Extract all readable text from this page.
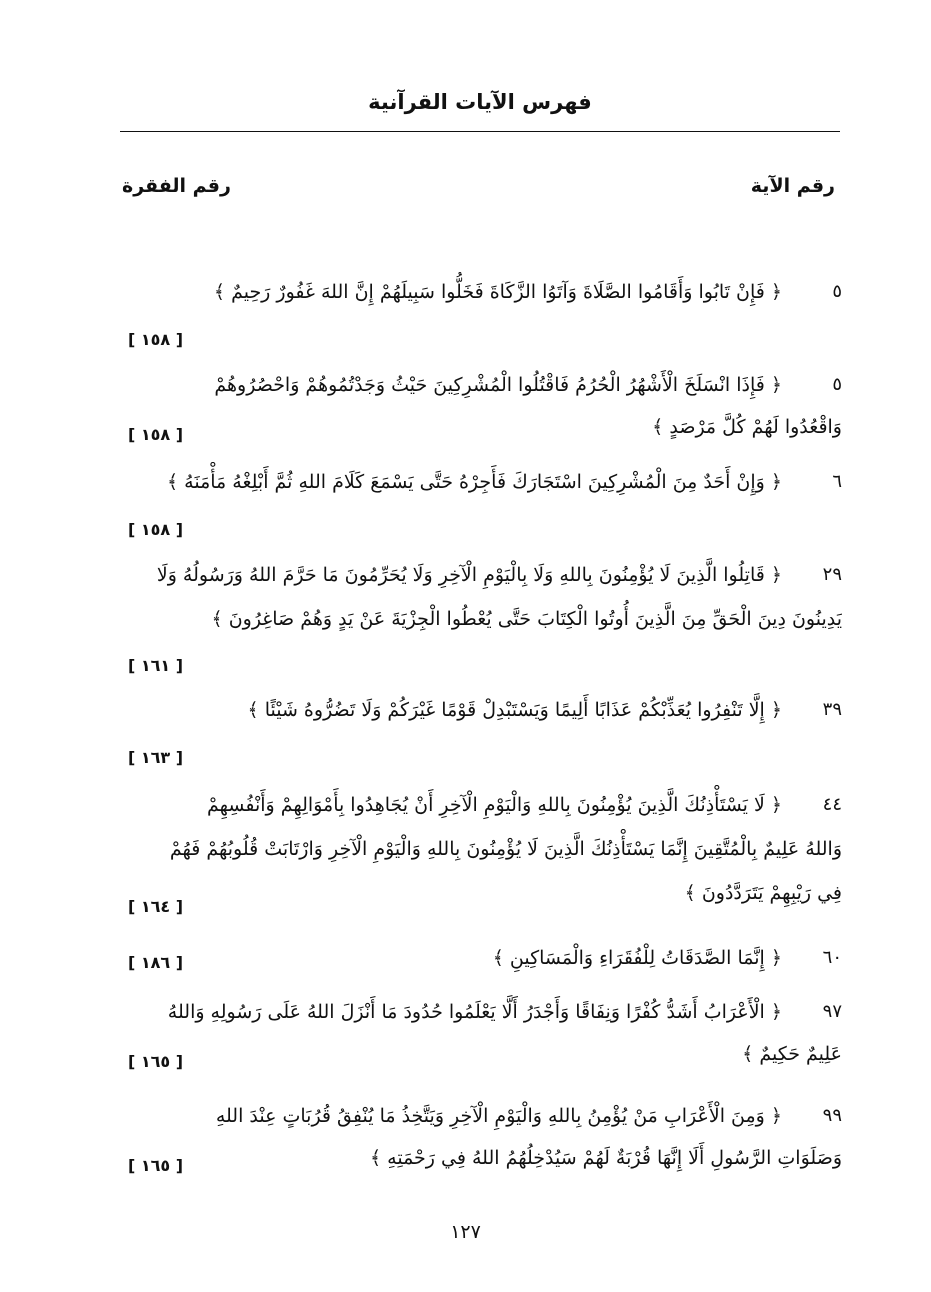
فهرس الآيات القرآنية
رقم الآية
رقم الفقرة
٥
﴿ فَإِنْ تَابُوا وَأَقَامُوا الصَّلَاةَ وَآتَوُا الزَّكَاةَ فَخَلُّوا سَبِيلَهُمْ إِنَّ اللهَ غَفُورٌ رَحِيمٌ ﴾
[ ١٥٨ ]
٥
﴿ فَإِذَا انْسَلَخَ الْأَشْهُرُ الْحُرُمُ فَاقْتُلُوا الْمُشْرِكِينَ حَيْثُ وَجَدْتُمُوهُمْ وَاحْصُرُوهُمْ
وَاقْعُدُوا لَهُمْ كُلَّ مَرْصَدٍ ﴾
[ ١٥٨ ]
٦
﴿ وَإِنْ أَحَدٌ مِنَ الْمُشْرِكِينَ اسْتَجَارَكَ فَأَجِرْهُ حَتَّى يَسْمَعَ كَلَامَ اللهِ ثُمَّ أَبْلِغْهُ مَأْمَنَهُ ﴾
[ ١٥٨ ]
٢٩
﴿ قَاتِلُوا الَّذِينَ لَا يُؤْمِنُونَ بِاللهِ وَلَا بِالْيَوْمِ الْآخِرِ وَلَا يُحَرِّمُونَ مَا حَرَّمَ اللهُ وَرَسُولُهُ وَلَا
يَدِينُونَ دِينَ الْحَقِّ مِنَ الَّذِينَ أُوتُوا الْكِتَابَ حَتَّى يُعْطُوا الْجِزْيَةَ عَنْ يَدٍ وَهُمْ صَاغِرُونَ ﴾
[ ١٦١ ]
٣٩
﴿ إِلَّا تَنْفِرُوا يُعَذِّبْكُمْ عَذَابًا أَلِيمًا وَيَسْتَبْدِلْ قَوْمًا غَيْرَكُمْ وَلَا تَضُرُّوهُ شَيْئًا ﴾
[ ١٦٣ ]
٤٤
﴿ لَا يَسْتَأْذِنُكَ الَّذِينَ يُؤْمِنُونَ بِاللهِ وَالْيَوْمِ الْآخِرِ أَنْ يُجَاهِدُوا بِأَمْوَالِهِمْ وَأَنْفُسِهِمْ
وَاللهُ عَلِيمٌ بِالْمُتَّقِينَ إِنَّمَا يَسْتَأْذِنُكَ الَّذِينَ لَا يُؤْمِنُونَ بِاللهِ وَالْيَوْمِ الْآخِرِ وَارْتَابَتْ قُلُوبُهُمْ فَهُمْ
فِي رَيْبِهِمْ يَتَرَدَّدُونَ ﴾
[ ١٦٤ ]
٦٠
﴿ إِنَّمَا الصَّدَقَاتُ لِلْفُقَرَاءِ وَالْمَسَاكِينِ ﴾
[ ١٨٦ ]
٩٧
﴿ الْأَعْرَابُ أَشَدُّ كُفْرًا وَنِفَاقًا وَأَجْدَرُ أَلَّا يَعْلَمُوا حُدُودَ مَا أَنْزَلَ اللهُ عَلَى رَسُولِهِ وَاللهُ
عَلِيمٌ حَكِيمٌ ﴾
[ ١٦٥ ]
٩٩
﴿ وَمِنَ الْأَعْرَابِ مَنْ يُؤْمِنُ بِاللهِ وَالْيَوْمِ الْآخِرِ وَيَتَّخِذُ مَا يُنْفِقُ قُرُبَاتٍ عِنْدَ اللهِ
وَصَلَوَاتِ الرَّسُولِ أَلَا إِنَّهَا قُرْبَةٌ لَهُمْ سَيُدْخِلُهُمُ اللهُ فِي رَحْمَتِهِ ﴾
[ ١٦٥ ]
١٢٧
